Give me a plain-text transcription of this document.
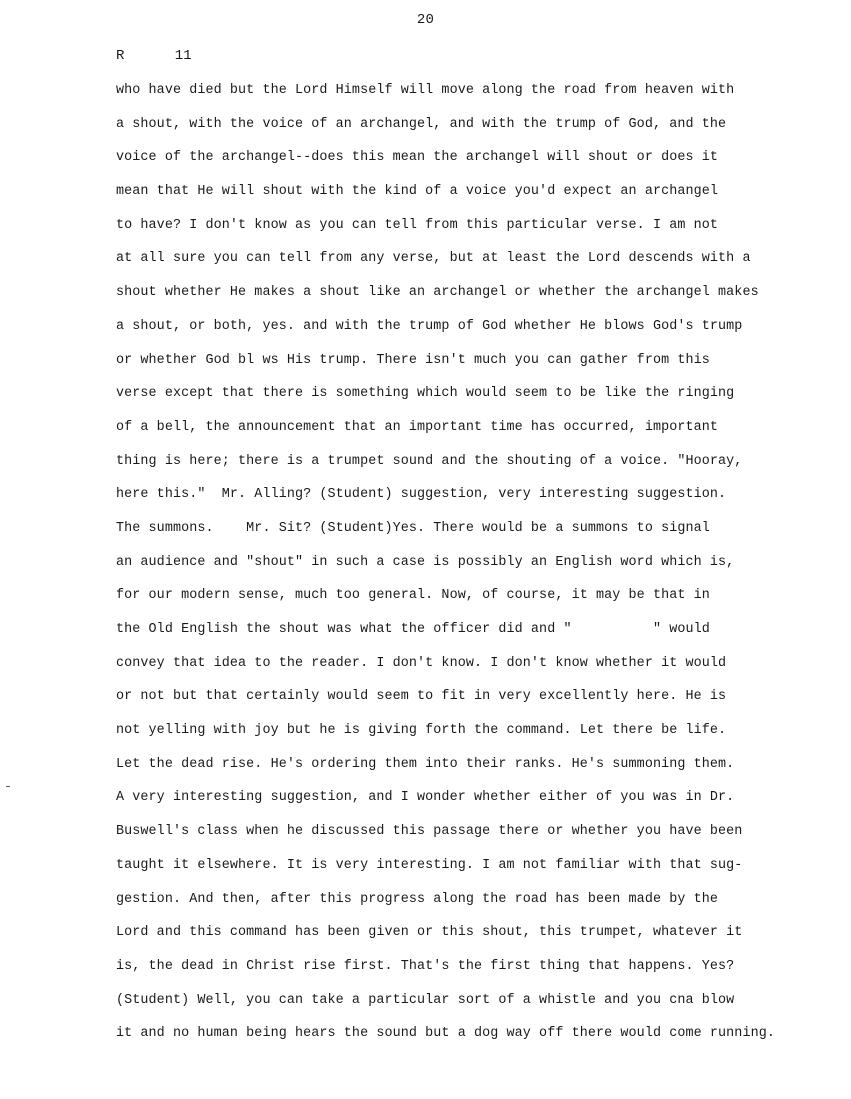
20
R      11
who have died but the Lord Himself will move along the road from heaven with
a shout, with the voice of an archangel, and with the trump of God, and the
voice of the archangel--does this mean the archangel will shout or does it
mean that He will shout with the kind of a voice you'd expect an archangel
to have? I don't know as you can tell from this particular verse. I am not
at all sure you can tell from any verse, but at least the Lord descends with a
shout whether He makes a shout like an archangel or whether the archangel makes
a shout, or both, yes. and with the trump of God whether He blows God's trump
or whether God bl ws His trump. There isn't much you can gather from this
verse except that there is something which would seem to be like the ringing
of a bell, the announcement that an important time has occurred, important
thing is here; there is a trumpet sound and the shouting of a voice. "Hooray,
here this."  Mr. Alling? (Student) suggestion, very interesting suggestion.
The summons.    Mr. Sit? (Student)Yes. There would be a summons to signal
an audience and "shout" in such a case is possibly an English word which is,
for our modern sense, much too general. Now, of course, it may be that in
the Old English the shout was what the officer did and "          " would
convey that idea to the reader. I don't know. I don't know whether it would
or not but that certainly would seem to fit in very excellently here. He is
not yelling with joy but he is giving forth the command. Let there be life.
Let the dead rise. He's ordering them into their ranks. He's summoning them.
A very interesting suggestion, and I wonder whether either of you was in Dr.
Buswell's class when he discussed this passage there or whether you have been
taught it elsewhere. It is very interesting. I am not familiar with that sug-
gestion. And then, after this progress along the road has been made by the
Lord and this command has been given or this shout, this trumpet, whatever it
is, the dead in Christ rise first. That's the first thing that happens. Yes?
(Student) Well, you can take a particular sort of a whistle and you cna blow
it and no human being hears the sound but a dog way off there would come running.
